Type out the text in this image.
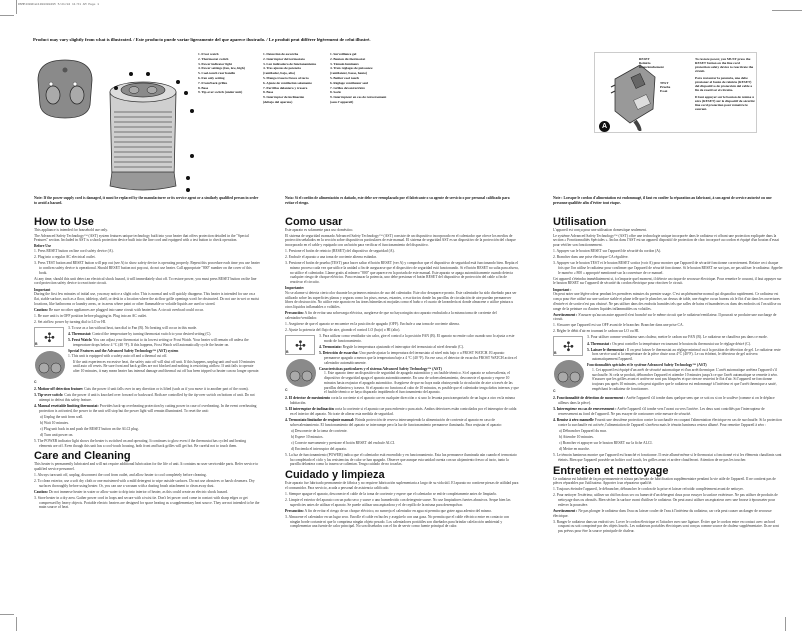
RSMP4300Fmk1300300495 5/21/04 11:51 AM Page 1
Product may vary slightly from what is illustrated. / Este producto puede variar ligeramente del que aparece ilustrado. / Le produit peut différer légèrement de celui illustré.
1. Frost watch
2. Thermostat switch
3. Power indicator light
4. Power settings (fan, low, high)
5. Cool-touch rear handle
6. Fan only setting
7. Front/back grilles
8. Base
9. Tip-over switch (under unit)
1. Detección de escarcha
2. Interruptor del termostato
3. Luz indicadora de funcionamiento
4. Tres ajustes de potencia
(ventilador, bajo, alto)
5. Mango trasero fresco al tacto
6. Ajuste de ventilación solamente
7. Parrillas delantera y trasera
8. Base
9. Interruptor de inclinación
(debajo del aparato)
1. Surveillance gel
2. Bouton du thermostat
3. Témoin lumineux
4. Trois réglages de puissance
(ventilateur, basse, haute)
5. Boîtier cool touch
6. Réglage ventilateur seul
7. Grilles devant/arrière
8. Socle
9. Interrupteur en cas de renversement
(sous l'appareil)
RESET
Reinicio
Réenclenchement
TEST
Prueba
Essai

To restore power, you MUST press the RESET button on the line cord protection safety device to reactivate the circuit.

Para restaurar la potencia, uno debe presionar el botón de reinicio (RESET) del dispositivo de protección del cable a fin de reactivar el circuito.

Il faut appuyer sur le bouton de remise à zéro (RESET) sur le dispositif de sécurité line cord protection pour remettre le courant.

A
Note: If the power supply cord is damaged, it must be replaced by the manufacturer or its service agent or a similarly qualified person in order to avoid a hazard.
How to Use
This appliance is intended for household use only.
The Advanced Safety Technology™ (AST) system features unique technology built into your heater that offers protection detailed in the "Special Features" section. Included in AST is a shock protection device built into the line cord and equipped with a test button to check operation.
Before Use
1. Press RESET button on line cord safety device (A).
2. Plug into a regular AC electrical outlet.
3. Press TEST button and RESET button will pop out (see A) to show safety device is operating properly. Repeat this procedure each time you use heater to confirm safety device is operational. Should RESET button not pop out, do not use heater. Call appropriate "800" number on the cover of this book.
At any time, should this unit detect an electrical shock hazard, it will immediately shut off. To restore power, you must press RESET button on the line cord protection safety device to reactivate circuit.
Important
During the first few minutes of initial use, you may notice a slight odor. This is normal and will quickly disappear. This heater is intended for use on a flat, stable surface, such as a floor, tabletop, shelf, or desk in a location where the airflow grille openings won't be obstructed. Do not use in wet or moist locations, like bathrooms or laundry areas, or in areas where paint or other flammable or volatile liquids are used or stored.
Caution: Be sure no other appliances are plugged into same circuit with heater/fan. A circuit overload could occur.
1. Be sure unit is in OFF position before plugging in. Plug into an AC outlet.
2. Set airflow power by turning dial to LO or HI.
✣
B
C
3. To use as a fan without heat, turn dial to Fan (B). No heating will occur in this mode.
4. Thermostat: Control the temperature by turning thermostat switch to your desired setting (C).
5. Frost Watch: You can adjust your thermostat to its lowest setting or Frost Watch. Your heater will remain off unless the temperature drops below 4 °C (40 °F). If this happens, Frost Watch will automatically cycle the heater on.
Special Features and the Advanced Safety Technology™ (AST) system
1. This unit is equipped with a safety auto off and a thermal cut off.
If the unit experiences excessive heat, the safety auto off will shut off unit. If this happens, unplug unit and wait 10 minutes until auto off resets. Be sure front and back grilles are not blocked and nothing is restricting airflow. If unit fails to operate after 10 minutes, it may mean heater has internal damage and thermal cut off has been tripped so heater can no longer operate.
2. Motion-off detection feature: Cuts the power if unit falls over in any direction or is lifted (such as if you move it to another part of the room).
3. Tip-over switch: Cuts the power if unit is knocked over forward or backward. Both are controlled by the tip-over switch on bottom of unit. Do not attempt to defeat this safety feature.
4. Manual resettable limiting thermostat: Provides back-up overheating protection by cutting power in case of overheating. In the event overheating protection is activated, the power to the unit will stop but the power light will remain illuminated. To reset the unit:
a) Unplug the unit from wall.
b) Wait 10 minutes.
c) Plug unit back in and push the RESET button on the ALCI plug.
d) Turn unit power on.
5. The POWER indicator light shows the heater is switched on and operating. It continues to glow even if the thermostat has cycled and heating elements are off. Even though this unit has a cool-touch housing, both front and back grilles will get hot. Be careful not to touch them.
Care and Cleaning
This heater is permanently lubricated and will not require additional lubrication for the life of unit. It contains no user serviceable parts. Refer service to qualified service personnel.
1. Always turn unit off, unplug, disconnect the cord from outlet, and allow heater to cool completely before cleaning.
2. To clean exterior, use a soft dry cloth or one moistened with a mild detergent to wipe outside surfaces. Do not use abrasives or harsh cleansers. Dry surfaces thoroughly before using heater. Or, you can use a vacuum with a dusting brush attachment to clean away dust.
Caution: Do not immerse heater in water or allow water to drip into interior of heater, as this could create an electric shock hazard.
3. Store heater in a dry area. Gather power cord in loops and secure with a twist tie. Don't let power cord come in contact with sharp edges or get compressed by heavy objects. Portable electric heaters are designed for space heating as a supplementary heat source. They are not intended to be the main source of heat.
Nota: Si el cordón de alimentación es dañado, este debe ser reemplazado por el fabricante o su agente de servicio o por personal calificado para evitar el riesgo.
Como usar
Este aparato es solamente para uso doméstico.
El sistema de seguridad avanzado Advanced Safety Technology™ (AST) consiste de un dispositivo incorporado en el calentador que ofrece los medios de protección señalados en la sección sobre dispositivos particulares de este manual. El sistema de seguridad AST es un dispositivo de la protección del choque incorporado en el cable y equipado con un botón para verificar el funcionamiento del dispositivo.
1. Presione el botón de reinicio (RESET) del dispositivo de seguridad (A).
2. Enchufe el aparato a una toma de corriente alterna estándar.
3. Presione el botón de prueba (TEST) para hacer saltar el botón RESET (ver A) y comprobar que el dispositivo de seguridad está funcionando bien. Repita el mismo proceso cada vez que utilice la unidad a fin de asegurarse que el dispositivo de seguridad está funcionando. Si el botón RESET no salta para afuera, no utilice el calentador. Llame gratis al número "800" que aparece en la portada de este manual. Este aparato se apaga automáticamente cuando detecta cualquier riesgo de choque eléctrico. Para restaurar la potencia, uno debe presionar el botón RESET del dispositivo de protección del cable a fin de reactivar el circuito.
Importante:
No se alarme si detecta cierto olor durante los primeros minutos de uso del calentador. Este olor desaparece pronto. Este calentador ha sido diseñado para ser utilizado sobre las superficies planas y seguras como los pisos, mesas, estantes, o escritorios donde las parrillas de circulación de aire puedan permanecer libres de obstrucción. No utilice este aparato en las áreas húmedas ni mojadas como el baño o el cuarto de lavandería ni donde almacene o utilice pintura u otros líquidos inflamables o volátiles.
Precaución: A fin de evitar una sobrecarga eléctrica, asegúrese de que no haya ningún otro aparato enchufado a la misma toma de corriente del calentador/ventilador.
1. Asegúrese de que el aparato se encuentre en la posición de apagado (OFF). Enchufe a una toma de corriente alterna.
2. Ajuste la potencia del flujo de aire, girando el control LO (bajo) o HI (alto).
✣
B
C
3. Para utilizar como ventilador sin calor, gire el control a la posición FAN (B). El aparato no emite calor cuando uno lo ajusta a este modo de funcionamiento.
4. Termostato: Regule la temperatura ajustando el interruptor del termostato al nivel deseado (C).
5. Detección de escarcha: Uno puede ajustar la temperatura del termostato al nivel más bajo o a FROST WATCH. El aparato permanece apagado a menos que la temperatura baje a 4 °C (40 °F). En ese caso, el detector de escarcha FROST WATCH activa el calentador automáticamente.
Características particulares y el sistema Advanced Safety Technology™ (AST)
1. Este aparato tiene un dispositivo de seguridad de apagado automático y un fusible térmico. Si el aparato se sobrecalienta, el dispositivo de seguridad apaga el aparato automáticamente. En caso de sobrecalentamiento, desconecte el aparato y espere 10 minutos hasta reajustar el apagado automático. Asegúrese de que no haya nada obstruyendo la circulación de aire a través de las parrillas delantera y trasera. Si el aparato no funciona al cabo de 10 minutos, es posible que el calentador tenga daños internos y que el fusible térmico se haya disparado impidiendo el funcionamiento del aparato.
2. El detector de movimiento corta la corriente si el aparato cae en cualquier dirección o si uno lo levanta para transportarlo de un lugar a otro en la misma habitación.
3. El interruptor de inclinación corta la corriente si el aparato cae para enfrente o para atrás. Ambos detectores están controlados por el interruptor de caída en el interior del aparato. No trate de alterar esta medida de seguridad.
4. Termostato limitador de reajuste manual: Brinda protección de reserva interrumpiendo la alimentación de corriente al aparato en caso de sobrecalentamiento. El funcionamiento del aparato se interrumpe pero la luz de funcionamiento permanece iluminada. Para reajustar el aparato:
a) Desconecte de la toma de corriente.
b) Espere 10 minutos.
c) Conecte nuevamente y presione el botón RESET del enchufe ALCI.
d) Encienda el interruptor del aparato.
5. La luz de funcionamiento (POWER) indica que el calentador está encendido y en funcionamiento. Esta luz permanece iluminada aún cuando el termostato ha completado el ciclo y las resistencias de calor se han apagado. Observe que aunque esta unidad cuenta con un alojamiento fresco al tacto, tanto la parrilla delantera como la trasera se calientan. Tenga cuidado de no tocarlas.
Cuidado y limpieza
Este aparato fue lubricado permanente de fábrica y no requiere lubricación suplementaria a largo de su vida útil. El aparato no contiene piezas de utilidad para el consumidor. Para servicio, acuda a personal de asistencia calificado.
1. Siempre apague el aparato, desconecte el cable de la toma de corriente y espere que el calentador se enfríe completamente antes de limpiarlo.
2. Limpie el exterior del aparato con un paño seco y suave o uno humedecido con detergente suave. No use limpiadores fuertes abrasivos. Seque bien las superficies antes de utilizar el aparato. Se puede utilizar una aspiradora y el de cepillo de la misma para desempolvar.
Precaución: A fin de evitar el riesgo de un choque eléctrico, no sumerja el calentador en agua ni permita que gotee agua adentro del mismo.
3. Almacene el calentador en un lugar seco. Enrolle el cable en bucles y asegúrelo con una gaza. No permita que el cable eléctrico entre en contacto con ningún borde cortante ni que lo comprima ningún objeto pesado. Los calentadores portátiles son diseñados para brindar calefacción ambiental y complementar una fuente de calor principal. No son diseñados con el fin de servir como fuente principal de calor.
Note : Lorsque le cordon d'alimentation est endommagé, il faut en confier la réparation au fabricant, à son agent de service autorisé ou une personne qualifiée afin d'éviter tout risque.
Utilisation
L'appareil est conçu pour une utilisation domestique seulement.
Le système Advanced Safety Technology™ (AST) offre une technologie unique incorporée dans le radiateur et offrant une protection expliquée dans la section « Fonctionnalités Spéciales ». Inclus dans l'AST est un appareil dispositif de protection de choc incorporé au cordon et équipé d'un bouton d'essai pour vérifier son fonctionnement.
1. Appuyer sur le bouton RESET sur l'appareil de sécurité du cordon (A).
2. Brancher dans une prise électrique CA régulière.
3. Appuyer sur le bouton TEST et le bouton RESET sortira (voir A) pour montrer que l'appareil de sécurité fonctionne correctement. Refaire ceci chaque fois que l'on utilise le radiateur pour confirmer que l'appareil de sécurité fonctionne. Si le bouton RESET ne sort pas, ne pas utiliser le radiateur. Appeler le numéro « 800 » approprié mentionné sur la couverture de ce manuel.
Cet appareil s'éteindra immédiatement si, à n'importe quel moment, il détecte un risque de secousse électrique. Pour remettre le courant, il faut appuyer sur le bouton RESET sur l'appareil de sécurité du cordon électrique pour réactiver le circuit.
Important :
On peut noter une légère odeur pendant les premières minutes du premier usage. C'est un phénomène normal qui disparaîtra rapidement. Ce radiateur est conçu pour être utilisé sur une surface stable et plane telle que le plancher, un dessus de table, une étagère ou un bureau où le flot d'air dans les ouvertures d'entrée et de sortie n'est pas obstrué. Ne pas utiliser dans des endroits humides tels que salles de bains et buanderies ou dans des endroits où l'on utilise ou range de la peinture ou d'autres liquides inflammables ou volatiles.
Avertissement : S'assurer qu'aucun autre appareil n'est branché sur le même circuit que le radiateur/ventilateur. Il pourrait se produire une surcharge de circuit.
1. S'assurer que l'appareil est sur OFF avant de le brancher. Brancher dans une prise CA.
2. Régler le débit d'air en tournant le cadran sur LO ou HI.
✣
B
C
3. Pour utiliser comme ventilateur sans chaleur, mettre le cadran sur FAN (B). Le radiateur ne chauffera pas dans ce mode.
4. Thermostat : On peut contrôler la température en tournant le bouton du thermostat sur le réglage désiré (C).
5. Laisser le thermostat : Il on peut laisser le thermostat au réglage minimal ou à la position de détection de gel. Le radiateur reste hors service sauf si la température de la pièce chute sous 4°C (40°F). Le cas échéant, le détecteur de gel activera automatiquement l'appareil.
Fonctionnalités spéciales et le système Advanced Safety Technology™ (AST)
1. Cet appareil est équipé d'un arrêt de sécurité automatique et d'un arrêt thermique. L'arrêt automatique arrêtera l'appareil s'il surchauffe. Si cela se produit, débrancher l'appareil et attendre 10 minutes jusqu'à ce que l'arrêt automatique se remette à zéro. S'assurer que les grilles avant et arrière ne sont pas bloquées et que rien ne restreint le flot d'air. Si l'appareil ne fonctionne toujours pas après 10 minutes, cela peut signifier que le radiateur est endommagé à l'intérieur et que l'arrêt thermique a sauté, empêchant le radiateur de fonctionner.
2. Fonctionnalité de détection de mouvement : Arrête l'appareil s'il tombe dans quelque sens que ce soit ou si on le soulève (comme si on le déplace ailleurs dans la pièce).
3. Interrupteur en cas de renversement : Arrête l'appareil s'il tombe vers l'avant ou vers l'arrière. Les deux sont contrôlés par l'interrupteur de renversement au fond de l'appareil. Ne pas essayer de contourner cette mesure de sécurité.
4. Remise à zéro manuelle Fournit une deuxième protection contre la surchauffe en coupant l'alimentation électrique en cas de surchauffe. Si la protection contre la surchauffe est activée, l'alimentation de l'appareil s'arrêtera mais le témoin lumineux restera allumé. Pour remettre l'appareil à zéro :
a) Débrancher l'appareil du mur.
b) Attendre 10 minutes.
c) Brancher et appuyer sur le bouton RESET sur la fiche ALCI.
d) Mettre en marche.
5. Le témoin lumineux montre que l'appareil est branché et fonctionne. Il reste allumé même si le thermostat a fonctionné et si les éléments chauffants sont éteints. Bien que l'appareil possède un boîtier cool touch, les grilles avant et arrière chaufferont. Attention de ne pas les toucher.
Entretien et nettoyage
Ce radiateur est lubrifié de façon permanente et n'aura pas besoin de lubrification supplémentaire pendant la vie utile de l'appareil. Il ne contient pas de pièces réparables par l'utilisateur. Apporter à un réparateur qualifié.
1. Toujours éteindre l'appareil, le débrancher, débrancher le cordon de la prise et laisser refroidir complètement avant de nettoyer.
2. Pour nettoyer l'extérieur, utiliser un chiffon doux sec ou humecté d'un détergent doux pour essuyer la surface extérieure. Ne pas utiliser de produits de nettoyage durs ou abrasifs. Bien sécher la surface avant d'utiliser le radiateur. On peut aussi utiliser un aspirateur avec une brosse à épousseter pour enlever la poussière.
Avertissement : Ne pas plonger le radiateur dans l'eau ou laisser couler de l'eau à l'intérieur du radiateur, car cela peut causer un danger de secousse électrique.
3. Ranger le radiateur dans un endroit sec. Lover le cordon électrique et l'attacher avec une ligature. Éviter que le cordon entre en contact avec un bord coupant ou soit comprimé par des objets lourds. Les radiateurs portables électriques sont conçus comme source de chaleur supplémentaire. Ils ne sont pas prévus pour être la source principale de chaleur.
